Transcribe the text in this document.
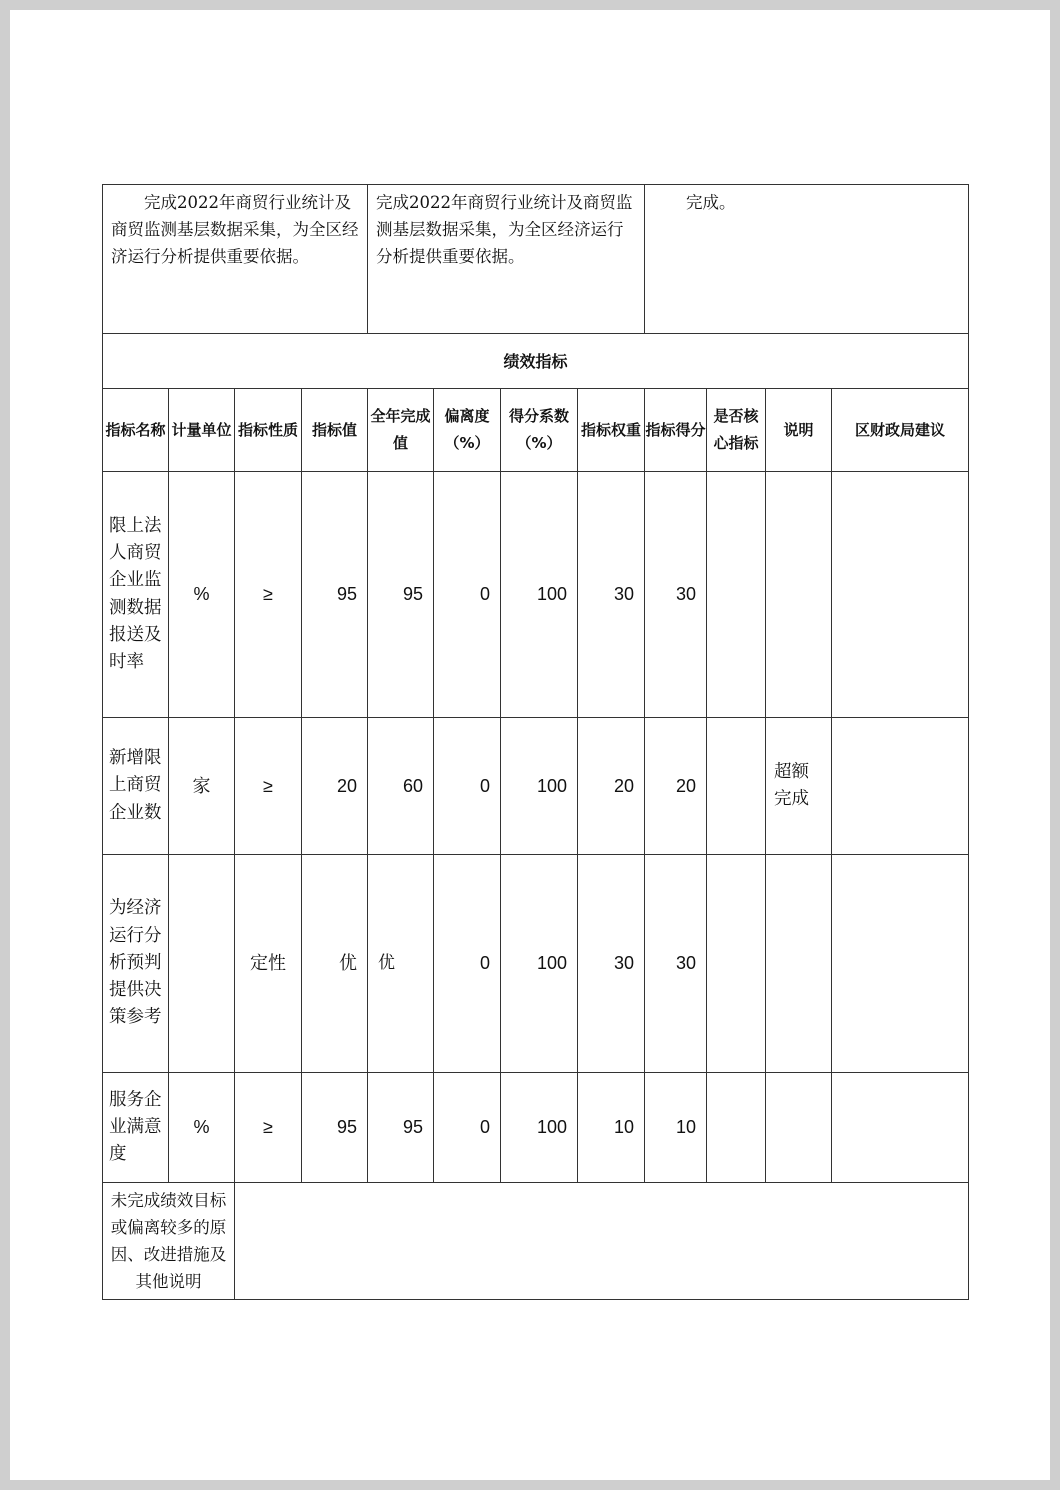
完成2022年商贸行业统计及商贸监测基层数据采集，为全区经济运行分析提供重要依据。				完成2022年商贸行业统计及商贸监测基层数据采集，为全区经济运行分析提供重要依据。				完成。			
绩效指标											
指标名称	计量单位	指标性质	指标值	全年完成值	偏离度（%）	得分系数（%）	指标权重	指标得分	是否核心指标	说明	区财政局建议
限上法人商贸企业监测数据报送及时率	%	≥	95	95	0	100	30	30			
新增限上商贸企业数	家	≥	20	60	0	100	20	20		超额完成	
为经济运行分析预判提供决策参考		定性	优	优	0	100	30	30			
服务企业满意度	%	≥	95	95	0	100	10	10			
未完成绩效目标或偏离较多的原因、改进措施及其他说明											
